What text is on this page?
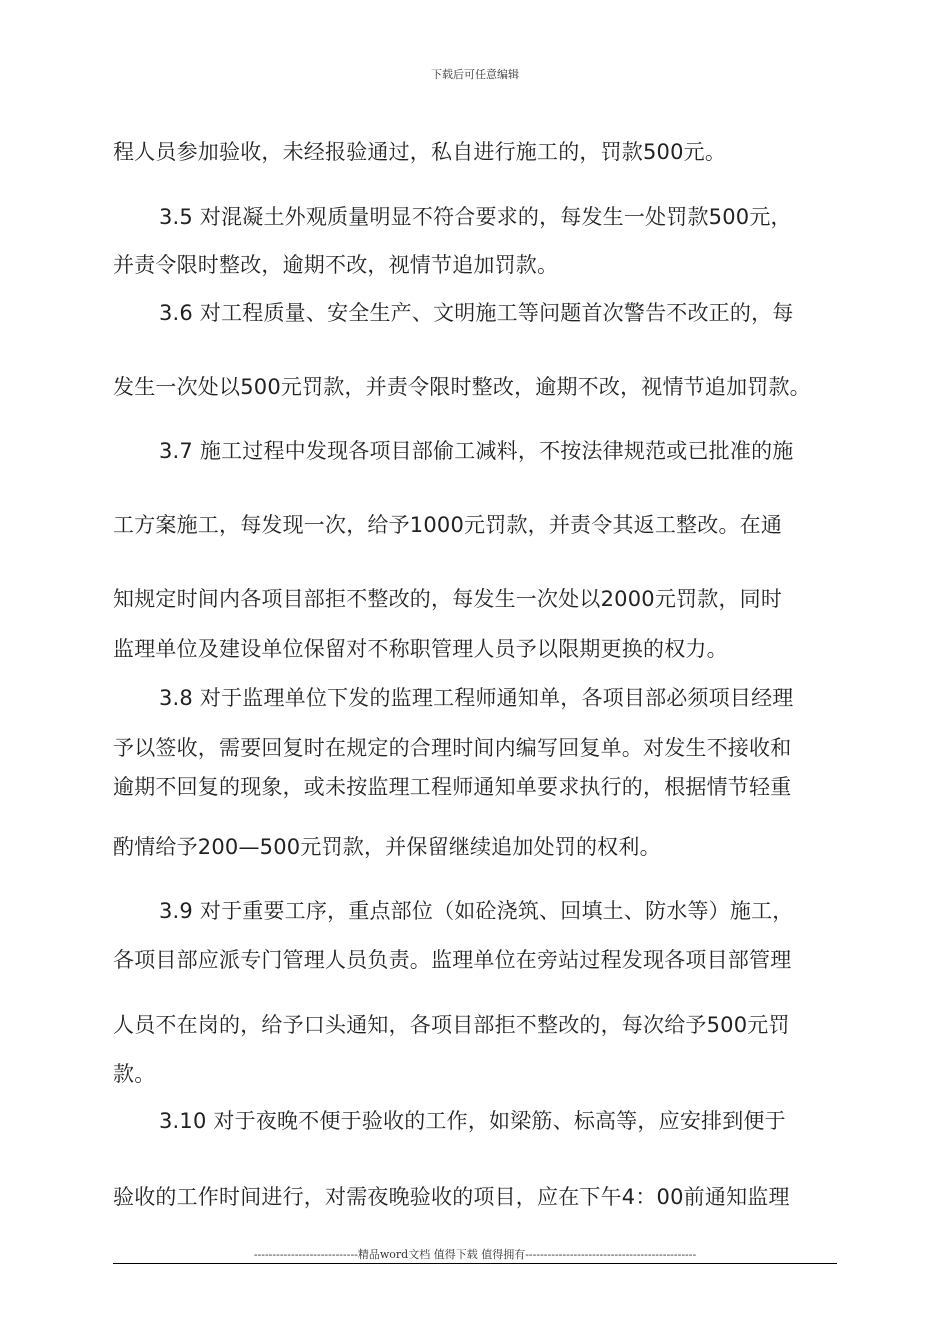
下载后可任意编辑
程人员参加验收，未经报验通过，私自进行施工的，罚款500元。
3.5 对混凝土外观质量明显不符合要求的，每发生一处罚款500元，
并责令限时整改，逾期不改，视情节追加罚款。
3.6 对工程质量、安全生产、文明施工等问题首次警告不改正的，每
发生一次处以500元罚款，并责令限时整改，逾期不改，视情节追加罚款。
3.7 施工过程中发现各项目部偷工减料，不按法律规范或已批准的施
工方案施工，每发现一次，给予1000元罚款，并责令其返工整改。在通
知规定时间内各项目部拒不整改的，每发生一次处以2000元罚款，同时
监理单位及建设单位保留对不称职管理人员予以限期更换的权力。
3.8 对于监理单位下发的监理工程师通知单，各项目部必须项目经理
予以签收，需要回复时在规定的合理时间内编写回复单。对发生不接收和
逾期不回复的现象，或未按监理工程师通知单要求执行的，根据情节轻重
酌情给予200—500元罚款，并保留继续追加处罚的权利。
3.9 对于重要工序，重点部位（如砼浇筑、回填土、防水等）施工，
各项目部应派专门管理人员负责。监理单位在旁站过程发现各项目部管理
人员不在岗的，给予口头通知，各项目部拒不整改的，每次给予500元罚
款。
3.10 对于夜晚不便于验收的工作，如梁筋、标高等，应安排到便于
验收的工作时间进行，对需夜晚验收的项目，应在下午4：00前通知监理
----------------------------精品word文档 值得下载 值得拥有----------------------------------------------
